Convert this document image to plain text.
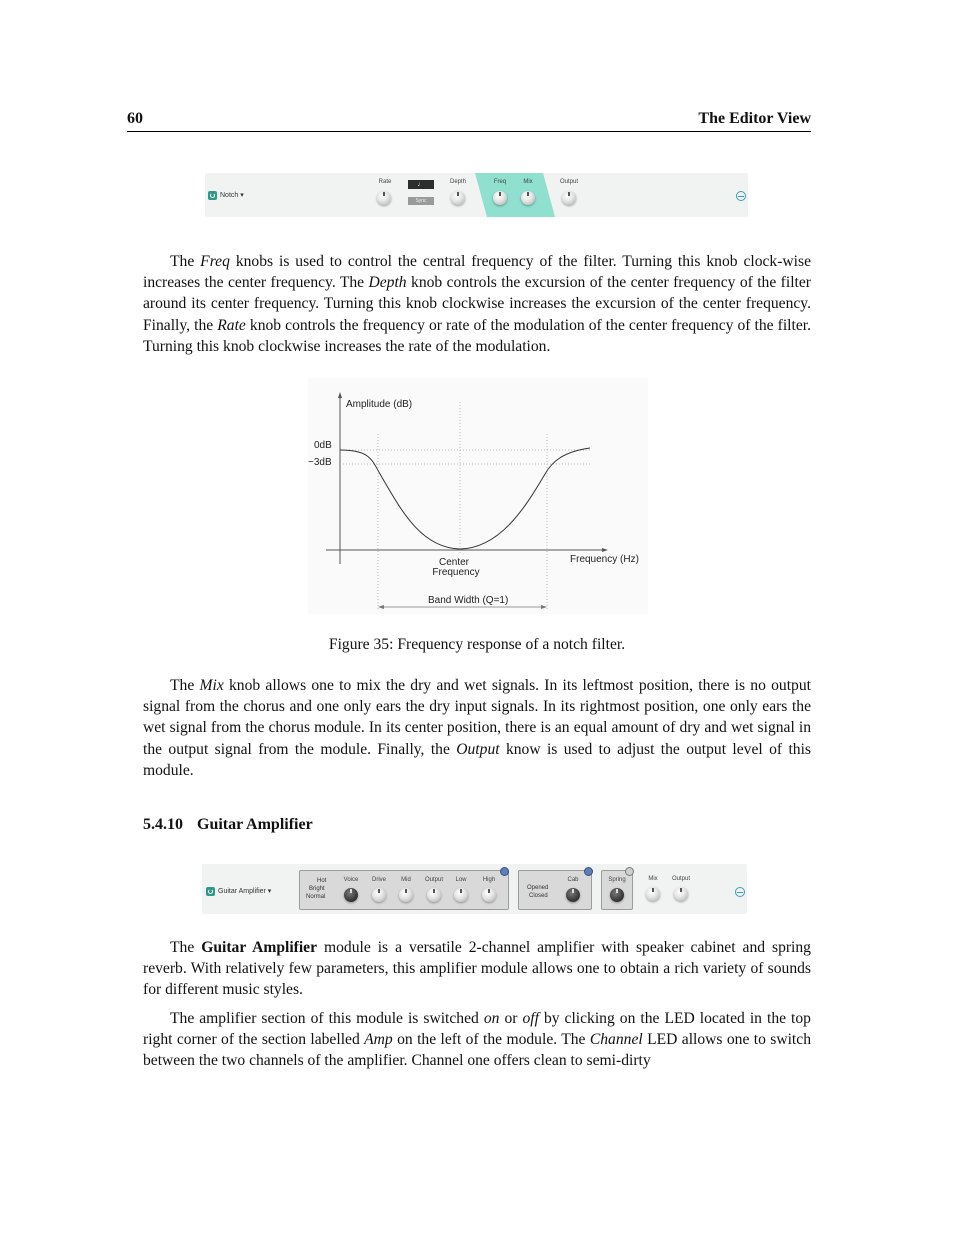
60	The Editor View
Notch ▾
Rate	♩
Sync
Depth	Freq	Mix	Output

The Freq knobs is used to control the central frequency of the filter. Turning this knob clock-wise increases the center frequency. The Depth knob controls the excursion of the center frequency of the filter around its center frequency. Turning this knob clockwise increases the excursion of the center frequency. Finally, the Rate knob controls the frequency or rate of the modulation of the center frequency of the filter. Turning this knob clockwise increases the rate of the modulation.

Amplitude (dB)
0dB
−3dB
Center
Frequency
Frequency (Hz)
Band Width (Q=1)
Figure 35: Frequency response of a notch filter.

The Mix knob allows one to mix the dry and wet signals. In its leftmost position, there is no output signal from the chorus and one only ears the dry input signals. In its rightmost position, one only ears the wet signal from the chorus module. In its center position, there is an equal amount of dry and wet signal in the output signal from the module. Finally, the Output know is used to adjust the output level of this module.

5.4.10 Guitar Amplifier
Guitar Amplifier ▾
Hot
Bright
Normal
Voice	Drive	Mid	Output	Low	High	Cab
Opened
Closed
Spring	Mix	Output

The Guitar Amplifier module is a versatile 2-channel amplifier with speaker cabinet and spring reverb. With relatively few parameters, this amplifier module allows one to obtain a rich variety of sounds for different music styles.

The amplifier section of this module is switched on or off by clicking on the LED located in the top right corner of the section labelled Amp on the left of the module. The Channel LED allows one to switch between the two channels of the amplifier. Channel one offers clean to semi-dirty
